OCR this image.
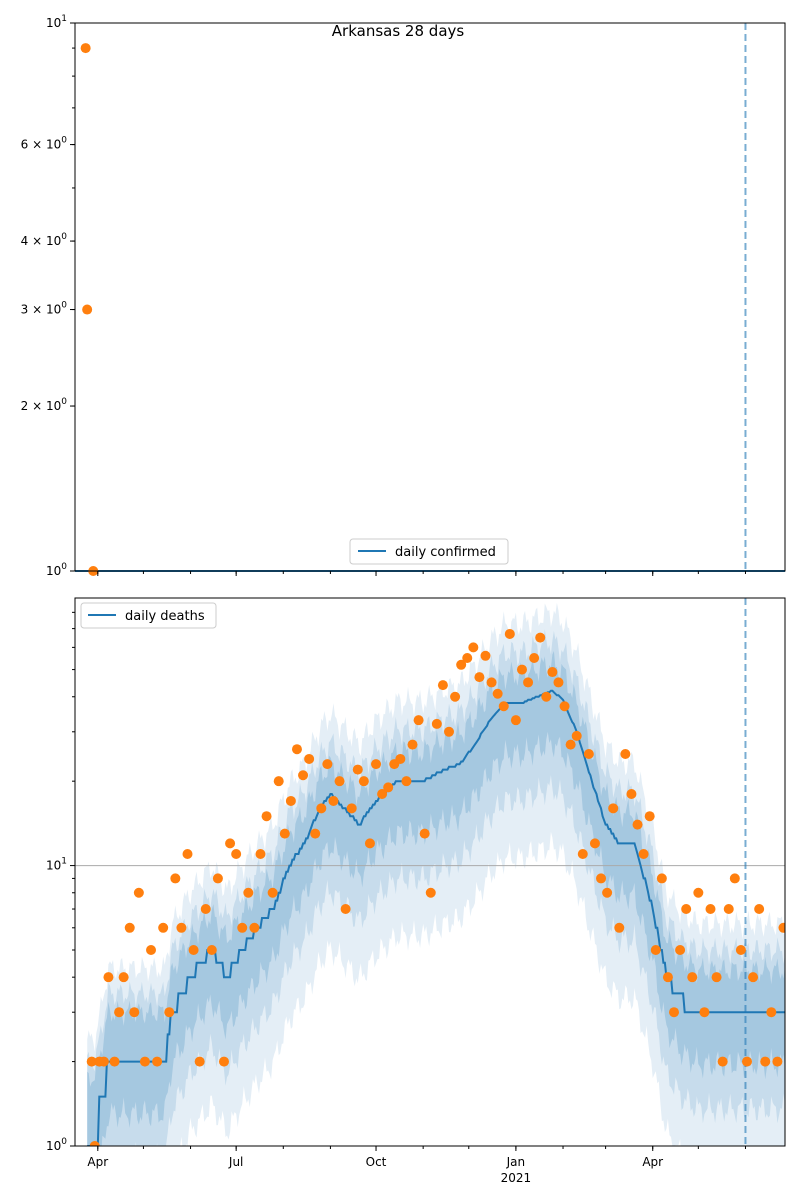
$10^0$
$2 \times 10^0$
$3 \times 10^0$
$4 \times 10^0$
$6 \times 10^0$
$10^1$
Arkansas 28 days
daily confirmed
$10^0$
$10^1$
Apr	Jul	Oct	Jan	Apr
2021
daily deaths
